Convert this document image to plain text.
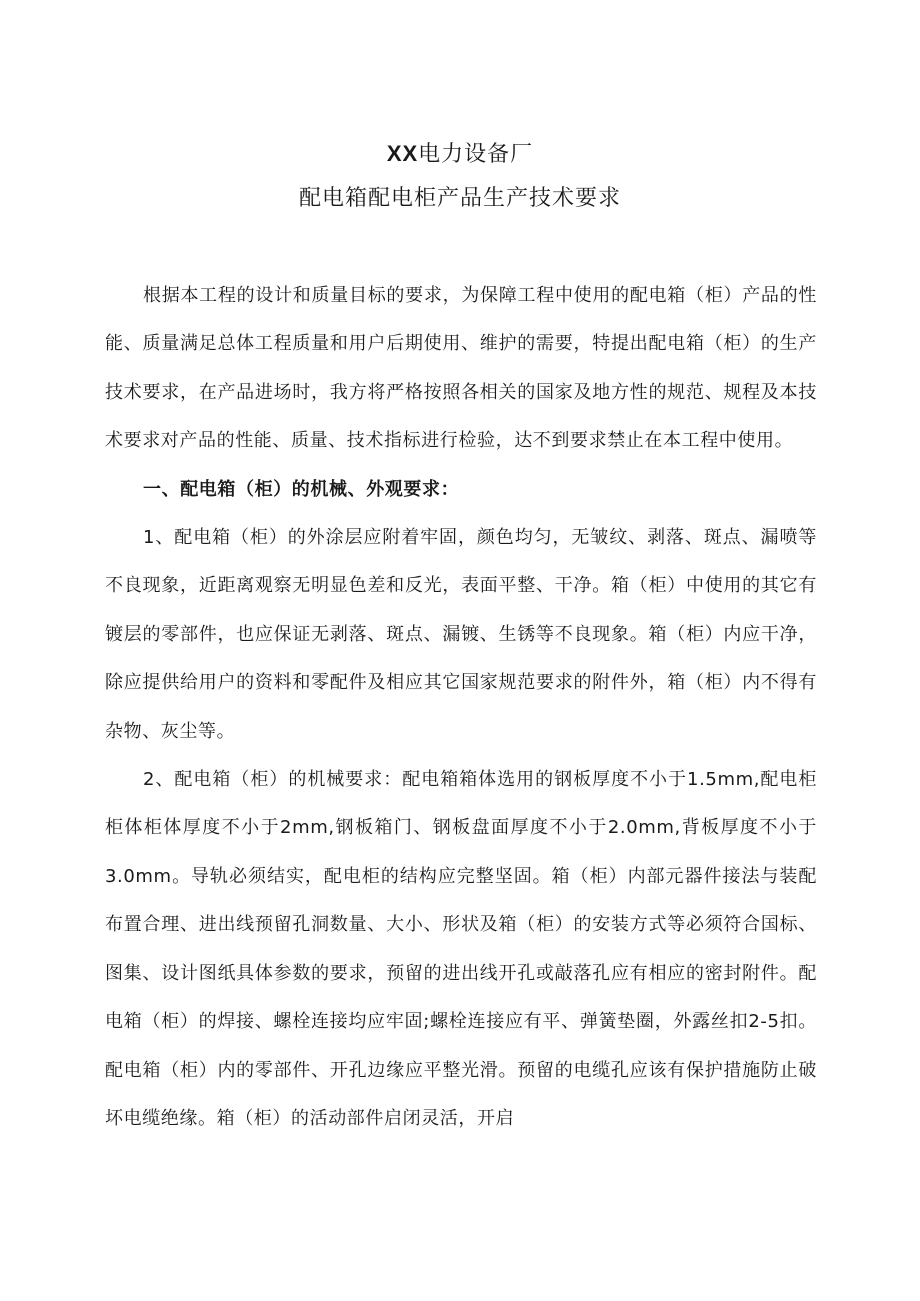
XX电力设备厂
配电箱配电柜产品生产技术要求

根据本工程的设计和质量目标的要求，为保障工程中使用的配电箱（柜）产品的性能、质量满足总体工程质量和用户后期使用、维护的需要，特提出配电箱（柜）的生产技术要求，在产品进场时，我方将严格按照各相关的国家及地方性的规范、规程及本技术要求对产品的性能、质量、技术指标进行检验，达不到要求禁止在本工程中使用。

一、配电箱（柜）的机械、外观要求：

1、配电箱（柜）的外涂层应附着牢固，颜色均匀，无皱纹、剥落、斑点、漏喷等不良现象，近距离观察无明显色差和反光，表面平整、干净。箱（柜）中使用的其它有镀层的零部件，也应保证无剥落、斑点、漏镀、生锈等不良现象。箱（柜）内应干净，除应提供给用户的资料和零配件及相应其它国家规范要求的附件外，箱（柜）内不得有杂物、灰尘等。

2、配电箱（柜）的机械要求：配电箱箱体选用的钢板厚度不小于1.5mm,配电柜柜体柜体厚度不小于2mm,钢板箱门、钢板盘面厚度不小于2.0mm,背板厚度不小于3.0mm。导轨必须结实，配电柜的结构应完整坚固。箱（柜）内部元器件接法与装配布置合理、进出线预留孔洞数量、大小、形状及箱（柜）的安装方式等必须符合国标、图集、设计图纸具体参数的要求，预留的进出线开孔或敲落孔应有相应的密封附件。配电箱（柜）的焊接、螺栓连接均应牢固;螺栓连接应有平、弹簧垫圈，外露丝扣2-5扣。配电箱（柜）内的零部件、开孔边缘应平整光滑。预留的电缆孔应该有保护措施防止破坏电缆绝缘。箱（柜）的活动部件启闭灵活，开启
